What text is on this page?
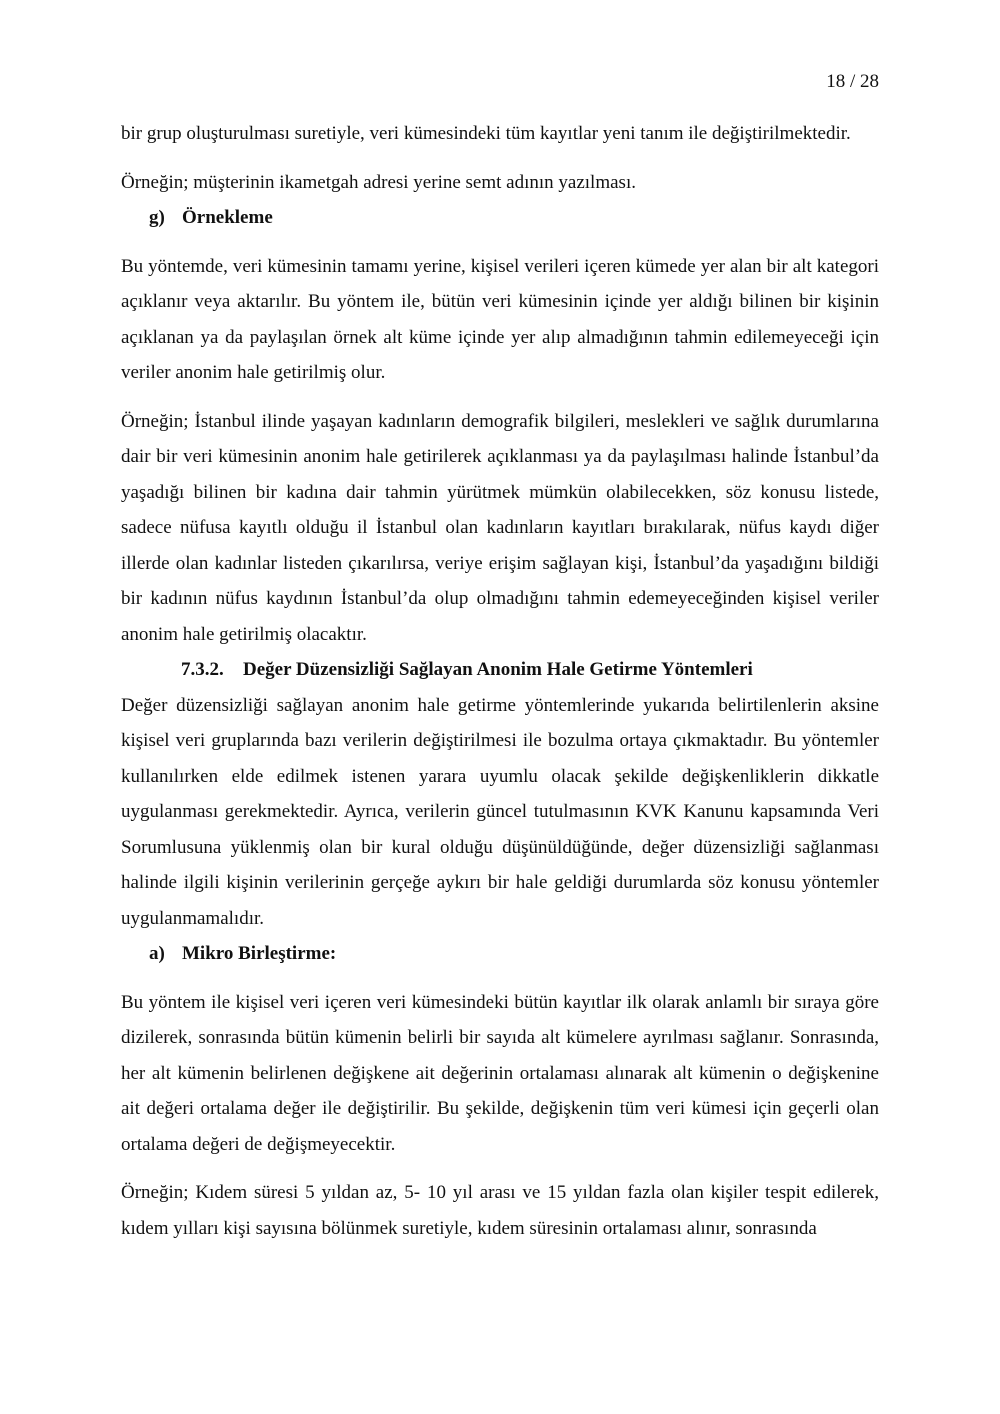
18 / 28

bir grup oluşturulması suretiyle, veri kümesindeki tüm kayıtlar yeni tanım ile değiştirilmektedir.

Örneğin; müşterinin ikametgah adresi yerine semt adının yazılması.

g) Örnekleme

Bu yöntemde, veri kümesinin tamamı yerine, kişisel verileri içeren kümede yer alan bir alt kategori açıklanır veya aktarılır. Bu yöntem ile, bütün veri kümesinin içinde yer aldığı bilinen bir kişinin açıklanan ya da paylaşılan örnek alt küme içinde yer alıp almadığının tahmin edilemeyeceği için veriler anonim hale getirilmiş olur.

Örneğin; İstanbul ilinde yaşayan kadınların demografik bilgileri, meslekleri ve sağlık durumlarına dair bir veri kümesinin anonim hale getirilerek açıklanması ya da paylaşılması halinde İstanbul’da yaşadığı bilinen bir kadına dair tahmin yürütmek mümkün olabilecekken, söz konusu listede, sadece nüfusa kayıtlı olduğu il İstanbul olan kadınların kayıtları bırakılarak, nüfus kaydı diğer illerde olan kadınlar listeden çıkarılırsa, veriye erişim sağlayan kişi, İstanbul’da yaşadığını bildiği bir kadının nüfus kaydının İstanbul’da olup olmadığını tahmin edemeyeceğinden kişisel veriler anonim hale getirilmiş olacaktır.

7.3.2.	Değer Düzensizliği Sağlayan Anonim Hale Getirme Yöntemleri

Değer düzensizliği sağlayan anonim hale getirme yöntemlerinde yukarıda belirtilenlerin aksine kişisel veri gruplarında bazı verilerin değiştirilmesi ile bozulma ortaya çıkmaktadır. Bu yöntemler kullanılırken elde edilmek istenen yarara uyumlu olacak şekilde değişkenliklerin dikkatle uygulanması gerekmektedir. Ayrıca, verilerin güncel tutulmasının KVK Kanunu kapsamında Veri Sorumlusuna yüklenmiş olan bir kural olduğu düşünüldüğünde, değer düzensizliği sağlanması halinde ilgili kişinin verilerinin gerçeğe aykırı bir hale geldiği durumlarda söz konusu yöntemler uygulanmamalıdır.

a) Mikro Birleştirme:

Bu yöntem ile kişisel veri içeren veri kümesindeki bütün kayıtlar ilk olarak anlamlı bir sıraya göre dizilerek, sonrasında bütün kümenin belirli bir sayıda alt kümelere ayrılması sağlanır. Sonrasında, her alt kümenin belirlenen değişkene ait değerinin ortalaması alınarak alt kümenin o değişkenine ait değeri ortalama değer ile değiştirilir. Bu şekilde, değişkenin tüm veri kümesi için geçerli olan ortalama değeri de değişmeyecektir.

Örneğin; Kıdem süresi 5 yıldan az, 5- 10 yıl arası ve 15 yıldan fazla olan kişiler tespit edilerek, kıdem yılları kişi sayısına bölünmek suretiyle, kıdem süresinin ortalaması alınır, sonrasında
